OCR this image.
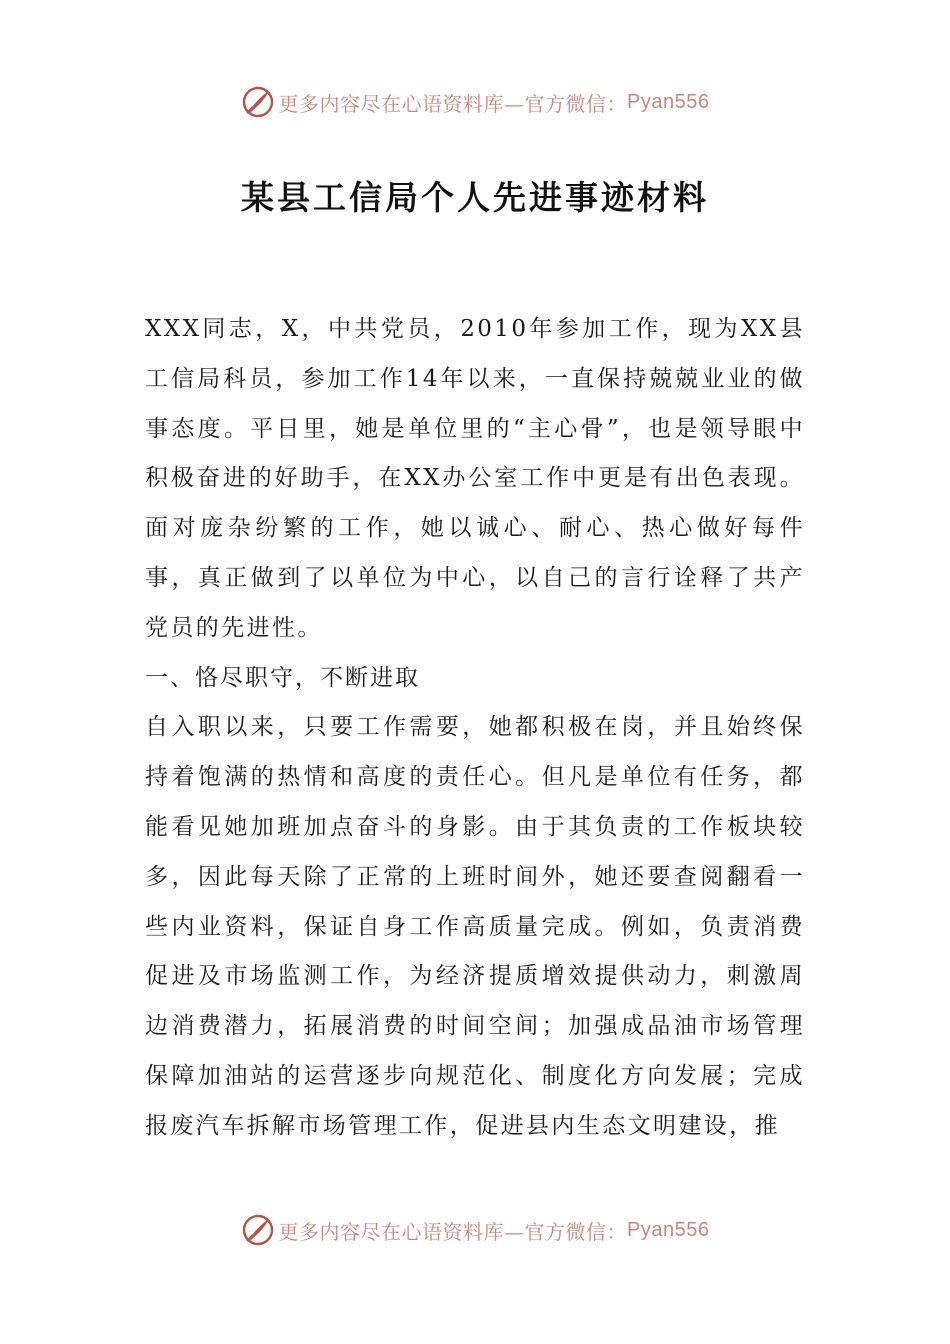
更多内容尽在心语资料库—官方微信： Pyan556
某县工信局个人先进事迹材料

XXX同志，X，中共党员，2010年参加工作，现为XX县工信局科员，参加工作14年以来，一直保持兢兢业业的做事态度。平日里，她是单位里的“主心骨”，也是领导眼中积极奋进的好助手，在XX办公室工作中更是有出色表现。面对庞杂纷繁的工作，她以诚心、耐心、热心做好每件事，真正做到了以单位为中心，以自己的言行诠释了共产党员的先进性。

一、恪尽职守，不断进取

自入职以来，只要工作需要，她都积极在岗，并且始终保持着饱满的热情和高度的责任心。但凡是单位有任务，都能看见她加班加点奋斗的身影。由于其负责的工作板块较多，因此每天除了正常的上班时间外，她还要查阅翻看一些内业资料，保证自身工作高质量完成。例如，负责消费促进及市场监测工作，为经济提质增效提供动力，刺激周边消费潜力，拓展消费的时间空间；加强成品油市场管理保障加油站的运营逐步向规范化、制度化方向发展；完成报废汽车拆解市场管理工作，促进县内生态文明建设，推

更多内容尽在心语资料库—官方微信： Pyan556
